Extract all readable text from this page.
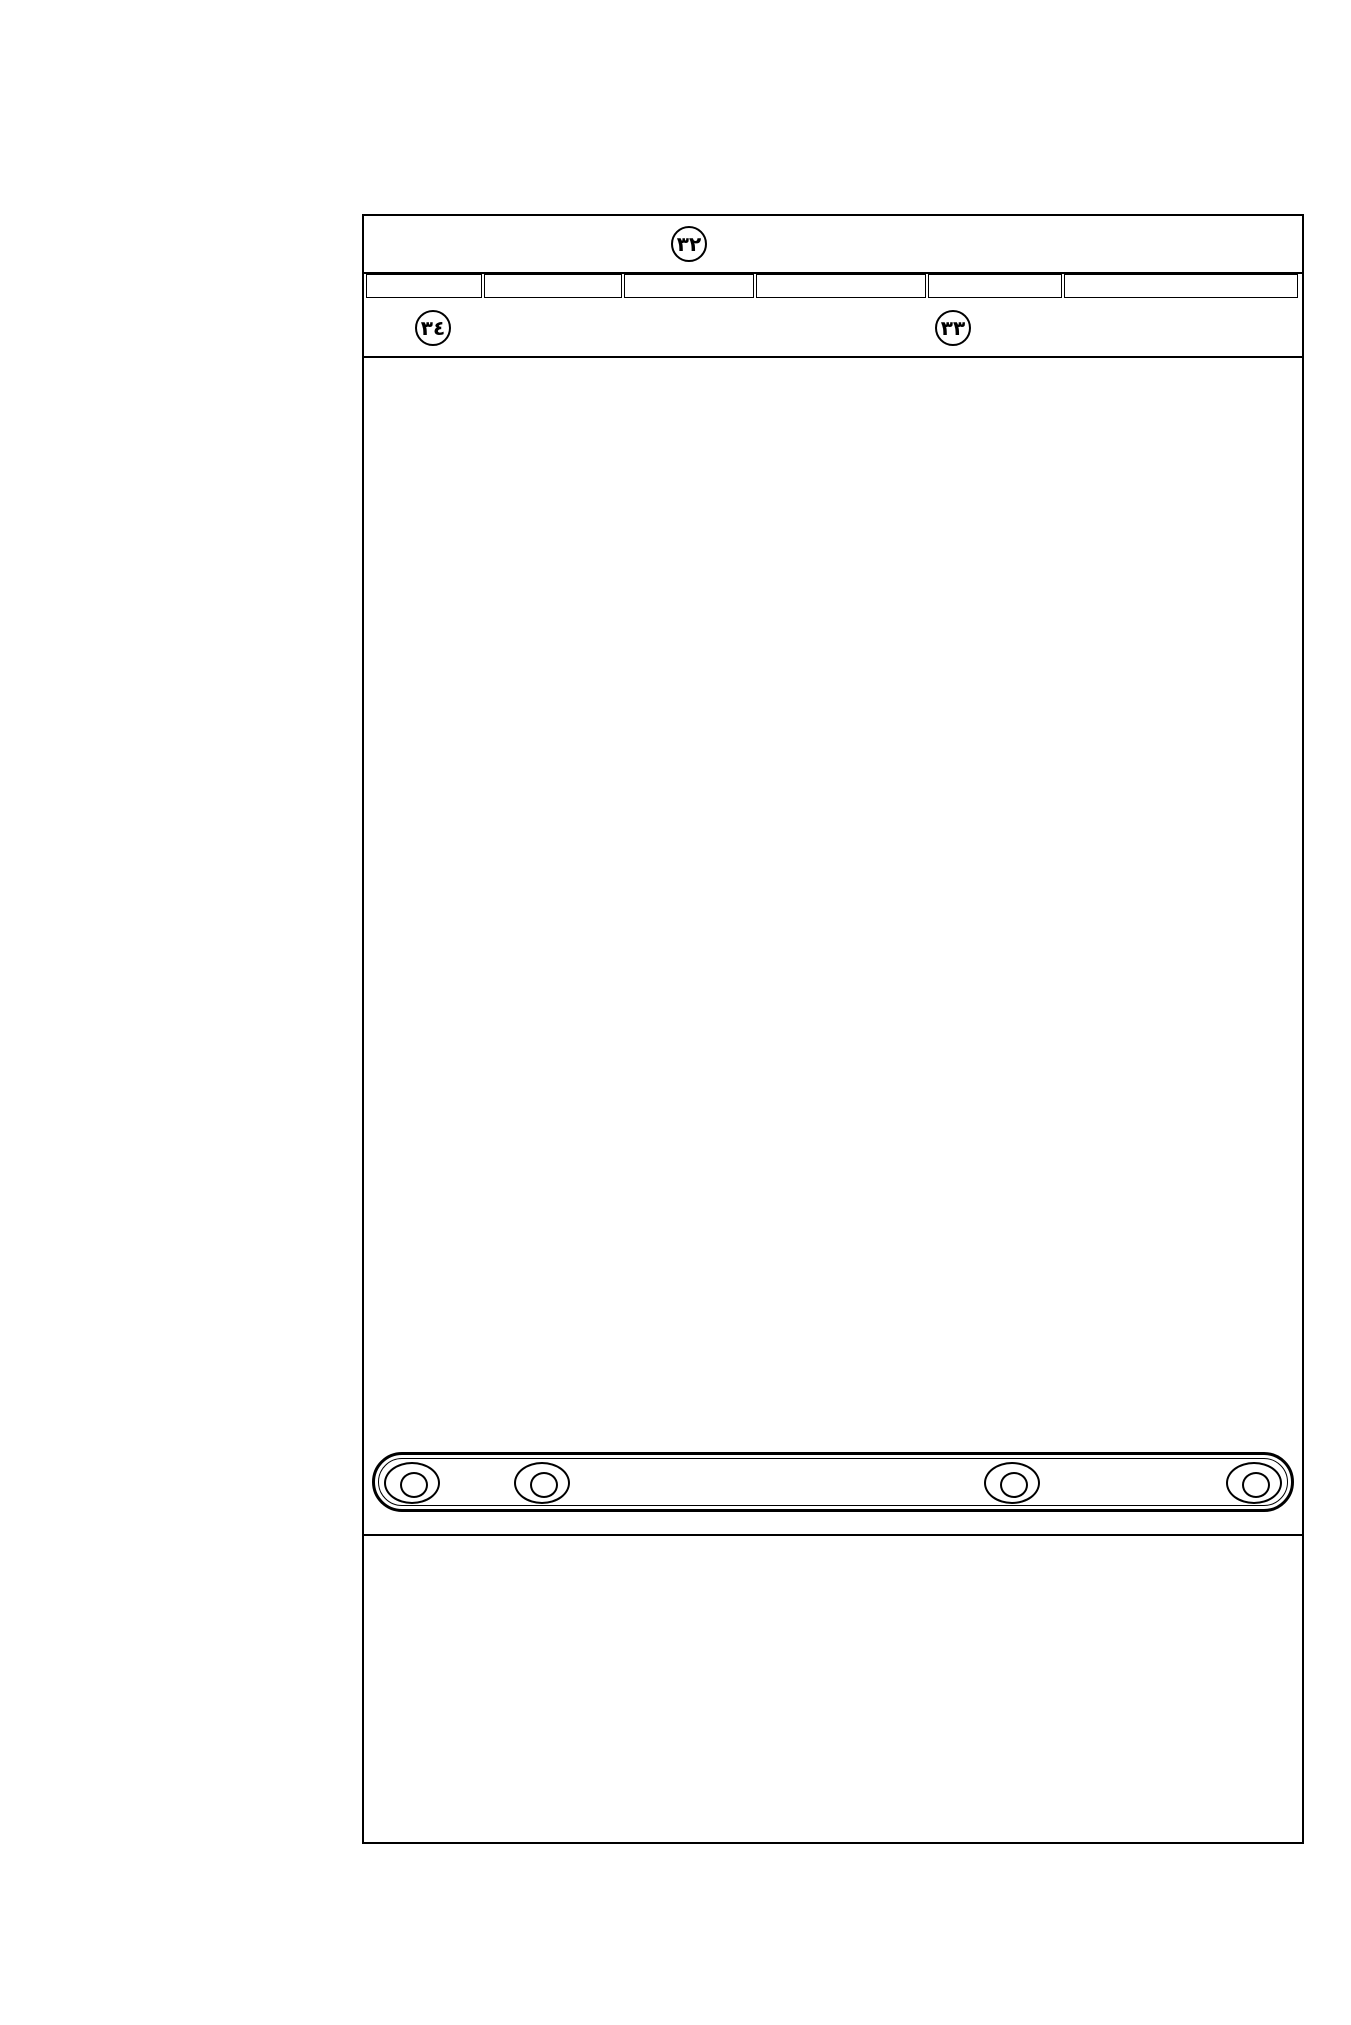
٣٢
٣٣
٣٤
